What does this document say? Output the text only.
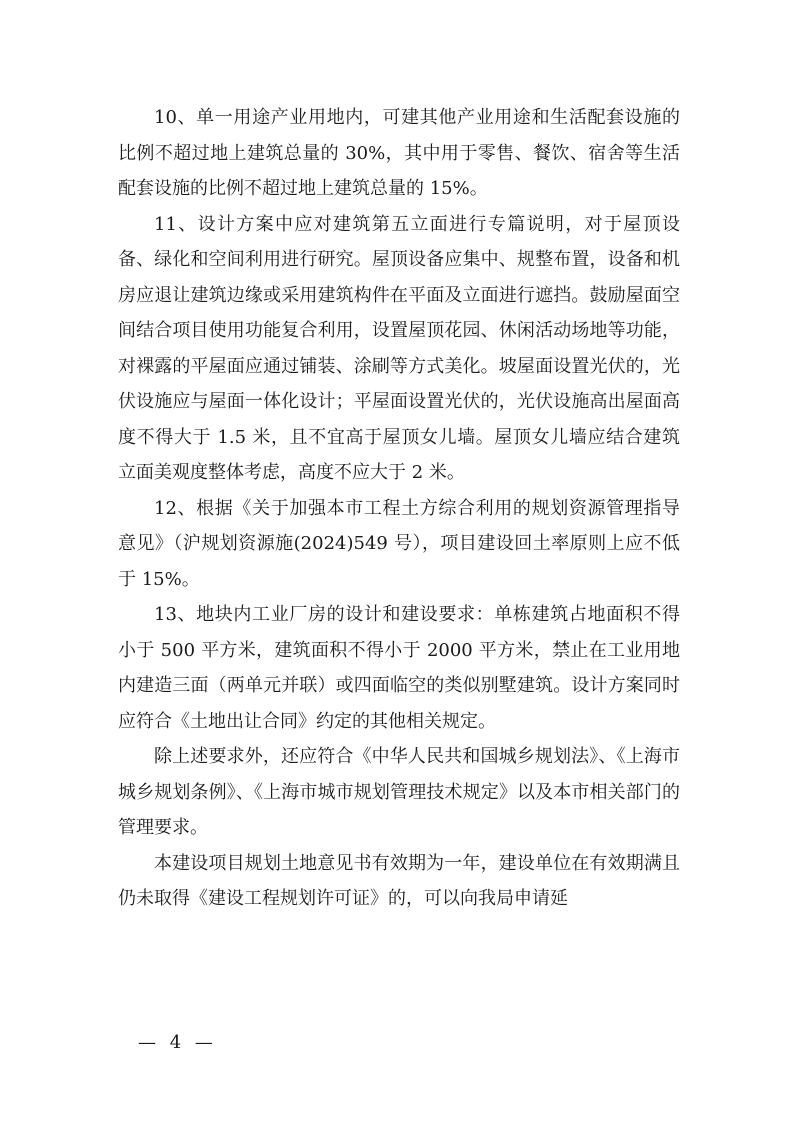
10、单一用途产业用地内，可建其他产业用途和生活配套设施的比例不超过地上建筑总量的 30%，其中用于零售、餐饮、宿舍等生活配套设施的比例不超过地上建筑总量的 15%。

11、设计方案中应对建筑第五立面进行专篇说明，对于屋顶设备、绿化和空间利用进行研究。屋顶设备应集中、规整布置，设备和机房应退让建筑边缘或采用建筑构件在平面及立面进行遮挡。鼓励屋面空间结合项目使用功能复合利用，设置屋顶花园、休闲活动场地等功能，对裸露的平屋面应通过铺装、涂刷等方式美化。坡屋面设置光伏的，光伏设施应与屋面一体化设计；平屋面设置光伏的，光伏设施高出屋面高度不得大于 1.5 米，且不宜高于屋顶女儿墙。屋顶女儿墙应结合建筑立面美观度整体考虑，高度不应大于 2 米。

12、根据《关于加强本市工程土方综合利用的规划资源管理指导意见》（沪规划资源施(2024)549 号），项目建设回土率原则上应不低于 15%。

13、地块内工业厂房的设计和建设要求：单栋建筑占地面积不得小于 500 平方米，建筑面积不得小于 2000 平方米，禁止在工业用地内建造三面（两单元并联）或四面临空的类似别墅建筑。设计方案同时应符合《土地出让合同》约定的其他相关规定。

除上述要求外，还应符合《中华人民共和国城乡规划法》、《上海市城乡规划条例》、《上海市城市规划管理技术规定》以及本市相关部门的管理要求。

本建设项目规划土地意见书有效期为一年，建设单位在有效期满且仍未取得《建设工程规划许可证》的，可以向我局申请延

— 4 —
